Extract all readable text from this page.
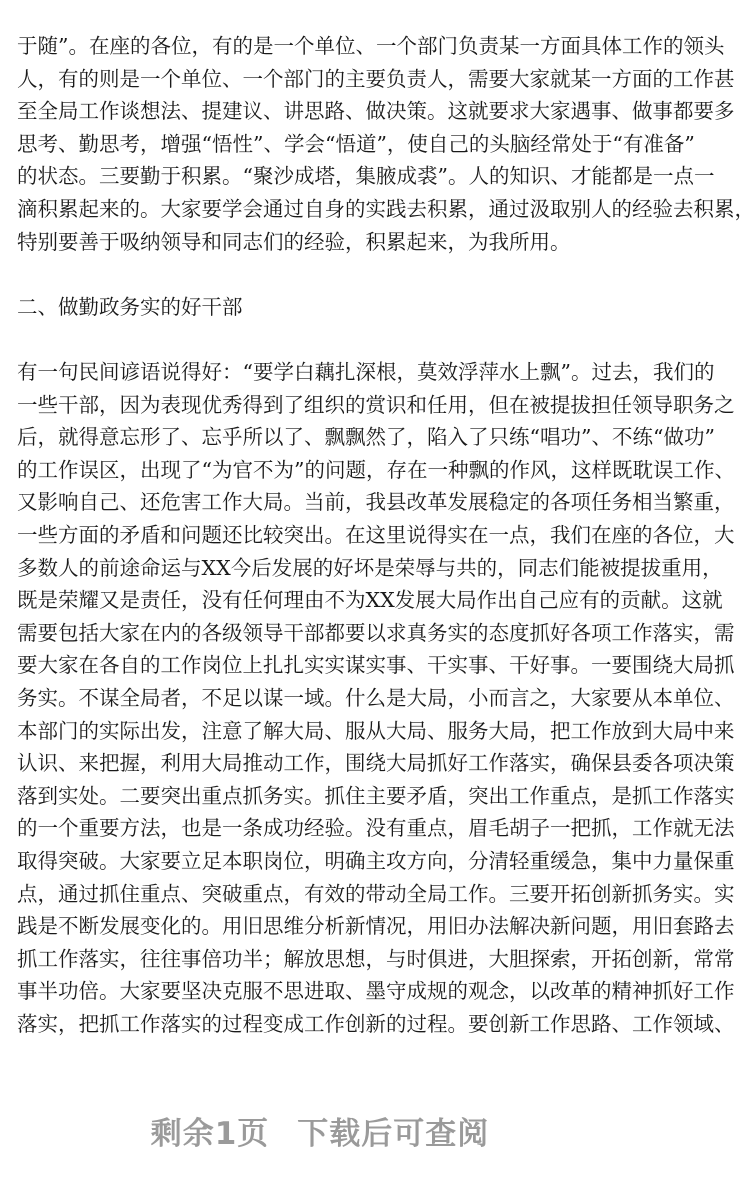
于随”。在座的各位，有的是一个单位、一个部门负责某一方面具体工作的领头
人，有的则是一个单位、一个部门的主要负责人，需要大家就某一方面的工作甚
至全局工作谈想法、提建议、讲思路、做决策。这就要求大家遇事、做事都要多
思考、勤思考，增强“悟性”、学会“悟道”，使自己的头脑经常处于“有准备”
的状态。三要勤于积累。“聚沙成塔，集腋成裘”。人的知识、才能都是一点一
滴积累起来的。大家要学会通过自身的实践去积累，通过汲取别人的经验去积累，
特别要善于吸纳领导和同志们的经验，积累起来，为我所用。
二、做勤政务实的好干部
有一句民间谚语说得好：“要学白藕扎深根，莫效浮萍水上飘”。过去，我们的
一些干部，因为表现优秀得到了组织的赏识和任用，但在被提拔担任领导职务之
后，就得意忘形了、忘乎所以了、飘飘然了，陷入了只练“唱功”、不练“做功”
的工作误区，出现了“为官不为”的问题，存在一种飘的作风，这样既耽误工作、
又影响自己、还危害工作大局。当前，我县改革发展稳定的各项任务相当繁重，
一些方面的矛盾和问题还比较突出。在这里说得实在一点，我们在座的各位，大
多数人的前途命运与XX今后发展的好坏是荣辱与共的，同志们能被提拔重用，
既是荣耀又是责任，没有任何理由不为XX发展大局作出自己应有的贡献。这就
需要包括大家在内的各级领导干部都要以求真务实的态度抓好各项工作落实，需
要大家在各自的工作岗位上扎扎实实谋实事、干实事、干好事。一要围绕大局抓
务实。不谋全局者，不足以谋一域。什么是大局，小而言之，大家要从本单位、
本部门的实际出发，注意了解大局、服从大局、服务大局，把工作放到大局中来
认识、来把握，利用大局推动工作，围绕大局抓好工作落实，确保县委各项决策
落到实处。二要突出重点抓务实。抓住主要矛盾，突出工作重点，是抓工作落实
的一个重要方法，也是一条成功经验。没有重点，眉毛胡子一把抓，工作就无法
取得突破。大家要立足本职岗位，明确主攻方向，分清轻重缓急，集中力量保重
点，通过抓住重点、突破重点，有效的带动全局工作。三要开拓创新抓务实。实
践是不断发展变化的。用旧思维分析新情况，用旧办法解决新问题，用旧套路去
抓工作落实，往往事倍功半；解放思想，与时俱进，大胆探索，开拓创新，常常
事半功倍。大家要坚决克服不思进取、墨守成规的观念，以改革的精神抓好工作
落实，把抓工作落实的过程变成工作创新的过程。要创新工作思路、工作领域、
剩余1页 下载后可查阅
